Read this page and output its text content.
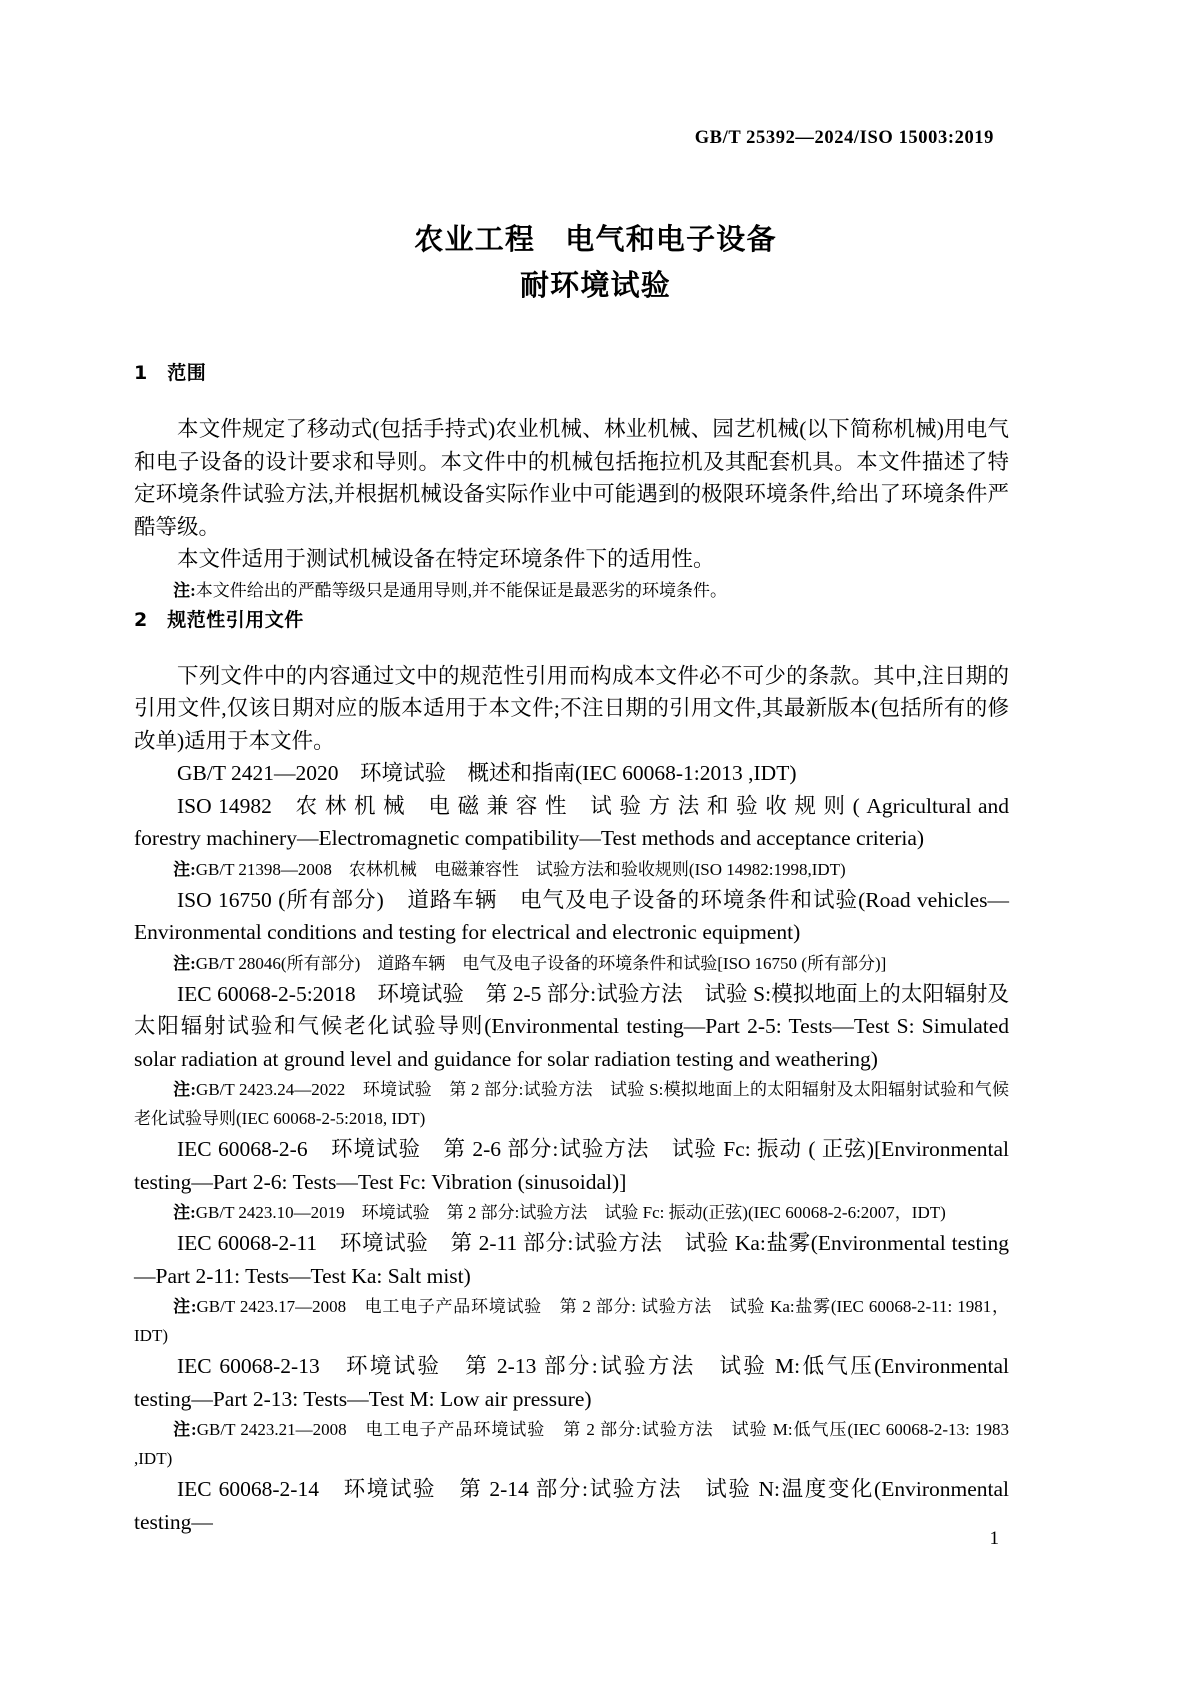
GB/T 25392—2024/ISO 15003:2019
农业工程　电气和电子设备
耐环境试验
1　范围

本文件规定了移动式(包括手持式)农业机械、林业机械、园艺机械(以下简称机械)用电气和电子设备的设计要求和导则。本文件中的机械包括拖拉机及其配套机具。本文件描述了特定环境条件试验方法,并根据机械设备实际作业中可能遇到的极限环境条件,给出了环境条件严酷等级。

本文件适用于测试机械设备在特定环境条件下的适用性。

注:本文件给出的严酷等级只是通用导则,并不能保证是最恶劣的环境条件。

2　规范性引用文件

下列文件中的内容通过文中的规范性引用而构成本文件必不可少的条款。其中,注日期的引用文件,仅该日期对应的版本适用于本文件;不注日期的引用文件,其最新版本(包括所有的修改单)适用于本文件。

GB/T 2421—2020　环境试验　概述和指南(IEC 60068-1:2013 ,IDT)

ISO 14982　农 林 机 械　电 磁 兼 容 性　试 验 方 法 和 验 收 规 则 ( Agricultural and forestry machinery—Electromagnetic compatibility—Test methods and acceptance criteria)

注:GB/T 21398—2008　农林机械　电磁兼容性　试验方法和验收规则(ISO 14982:1998,IDT)

ISO 16750 (所有部分)　道路车辆　电气及电子设备的环境条件和试验(Road vehicles—Environmental conditions and testing for electrical and electronic equipment)

注:GB/T 28046(所有部分)　道路车辆　电气及电子设备的环境条件和试验[ISO 16750 (所有部分)]

IEC 60068-2-5:2018　环境试验　第 2-5 部分:试验方法　试验 S:模拟地面上的太阳辐射及太阳辐射试验和气候老化试验导则(Environmental testing—Part 2-5: Tests—Test S: Simulated solar radiation at ground level and guidance for solar radiation testing and weathering)

注:GB/T 2423.24—2022　环境试验　第 2 部分:试验方法　试验 S:模拟地面上的太阳辐射及太阳辐射试验和气候老化试验导则(IEC 60068-2-5:2018, IDT)

IEC 60068-2-6　环境试验　第 2-6 部分:试验方法　试验 Fc: 振动 ( 正弦)[Environmental testing—Part 2-6: Tests—Test Fc: Vibration (sinusoidal)]

注:GB/T 2423.10—2019　环境试验　第 2 部分:试验方法　试验 Fc: 振动(正弦)(IEC 60068-2-6:2007，IDT)

IEC 60068-2-11　环境试验　第 2-11 部分:试验方法　试验 Ka:盐雾(Environmental testing—Part 2-11: Tests—Test Ka: Salt mist)

注:GB/T 2423.17—2008　电工电子产品环境试验　第 2 部分: 试验方法　试验 Ka:盐雾(IEC 60068-2-11: 1981，IDT)

IEC 60068-2-13　环境试验　第 2-13 部分:试验方法　试验 M:低气压(Environmental testing—Part 2-13: Tests—Test M: Low air pressure)

注:GB/T 2423.21—2008　电工电子产品环境试验　第 2 部分:试验方法　试验 M:低气压(IEC 60068-2-13: 1983 ,IDT)

IEC 60068-2-14　环境试验　第 2-14 部分:试验方法　试验 N:温度变化(Environmental testing—

1
